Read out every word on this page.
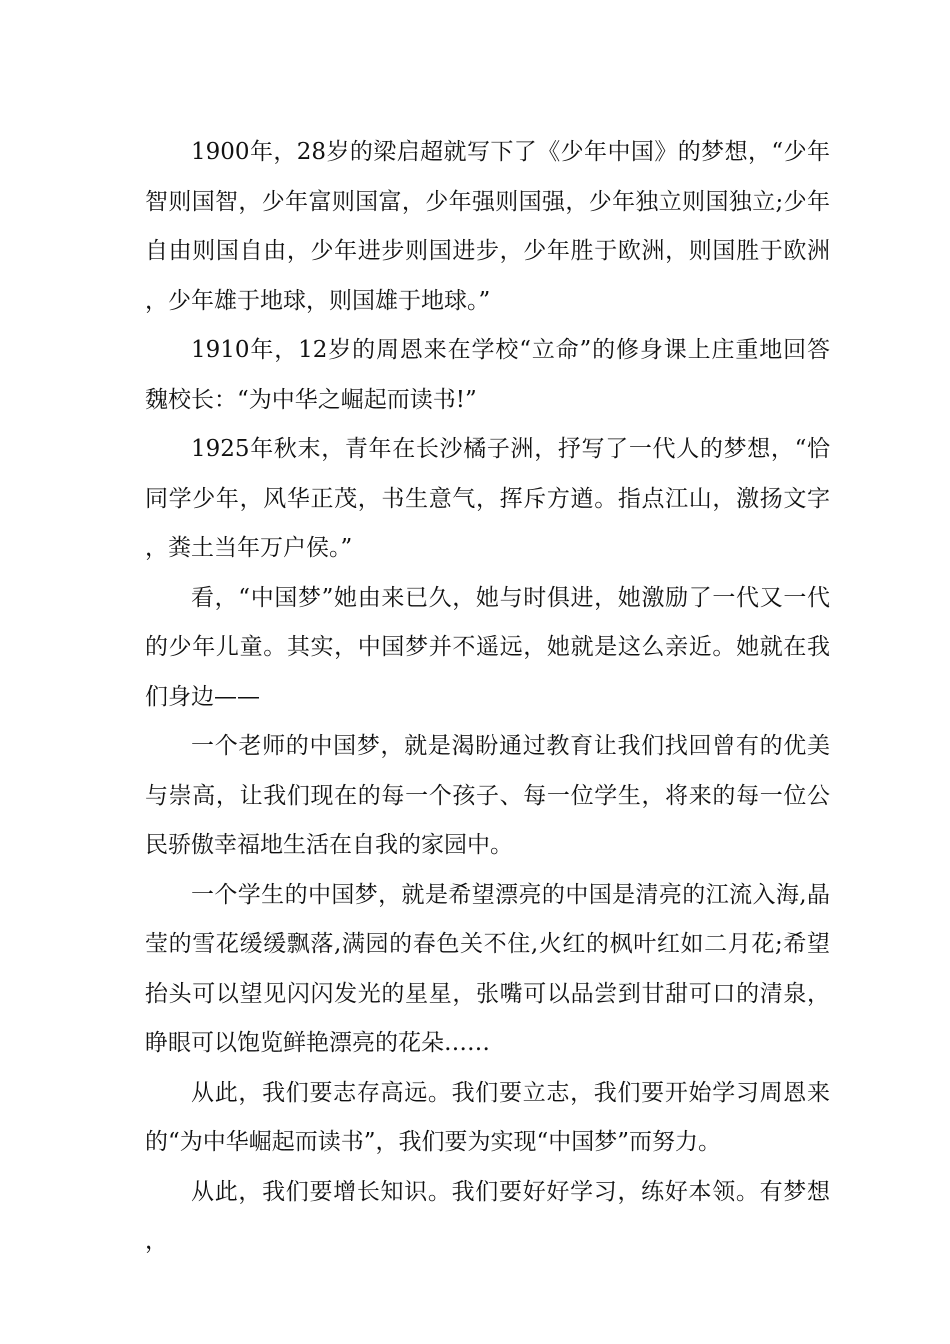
1900年，28岁的梁启超就写下了《少年中国》的梦想，“少年智则国智，少年富则国富，少年强则国强，少年独立则国独立;少年自由则国自由，少年进步则国进步，少年胜于欧洲，则国胜于欧洲，少年雄于地球，则国雄于地球。”

1910年，12岁的周恩来在学校“立命”的修身课上庄重地回答魏校长：“为中华之崛起而读书!”

1925年秋末，青年在长沙橘子洲，抒写了一代人的梦想，“恰同学少年，风华正茂，书生意气，挥斥方遒。指点江山，激扬文字，粪土当年万户侯。”

看，“中国梦”她由来已久，她与时俱进，她激励了一代又一代的少年儿童。其实，中国梦并不遥远，她就是这么亲近。她就在我们身边——

一个老师的中国梦，就是渴盼通过教育让我们找回曾有的优美与崇高，让我们现在的每一个孩子、每一位学生，将来的每一位公民骄傲幸福地生活在自我的家园中。

一个学生的中国梦，就是希望漂亮的中国是清亮的江流入海,晶莹的雪花缓缓飘落,满园的春色关不住,火红的枫叶红如二月花;希望抬头可以望见闪闪发光的星星，张嘴可以品尝到甘甜可口的清泉，睁眼可以饱览鲜艳漂亮的花朵……

从此，我们要志存高远。我们要立志，我们要开始学习周恩来的“为中华崛起而读书”，我们要为实现“中国梦”而努力。

从此，我们要增长知识。我们要好好学习，练好本领。有梦想，
